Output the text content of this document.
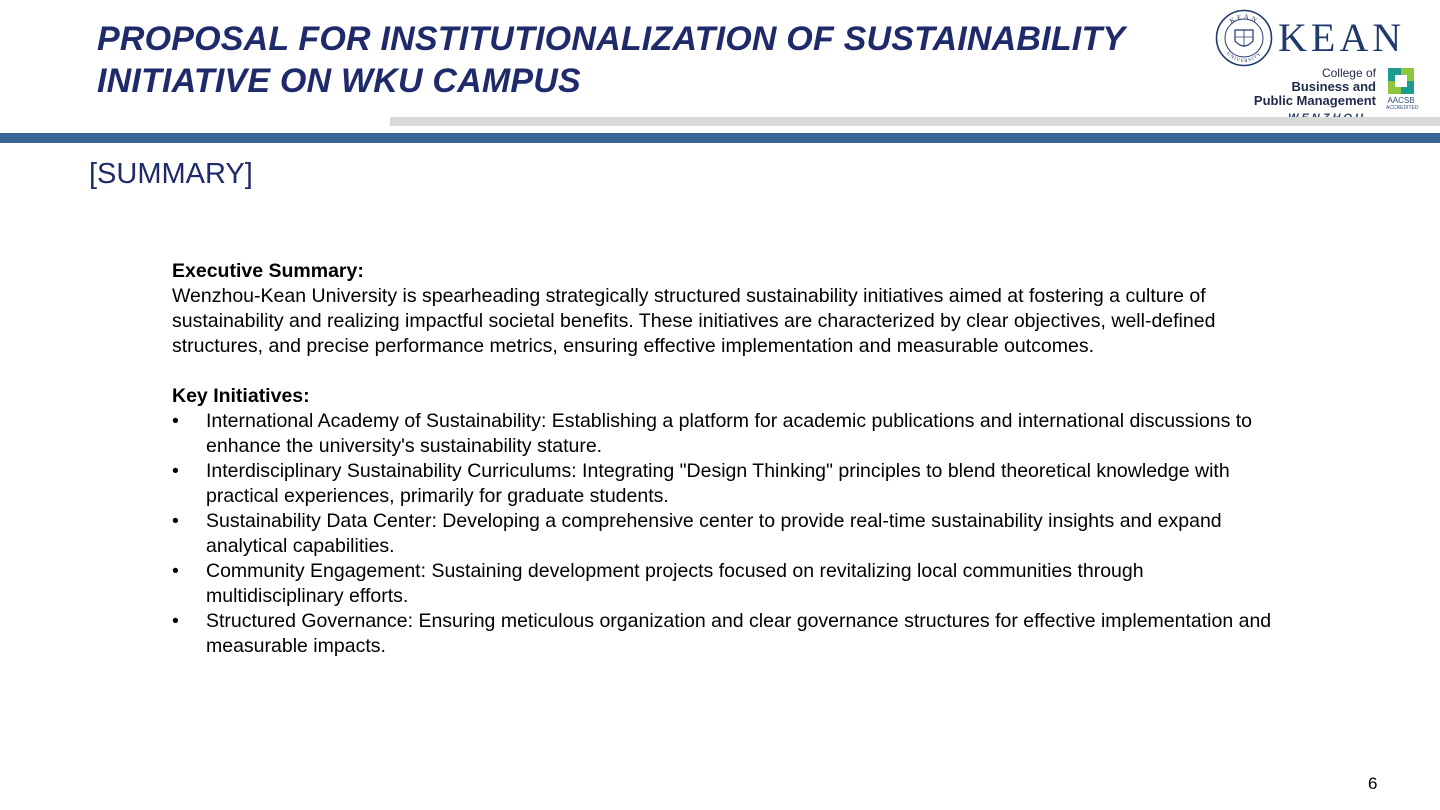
PROPOSAL FOR INSTITUTIONALIZATION OF SUSTAINABILITY
INITIATIVE ON WKU CAMPUS
KEAN
UNIVERSITY KEAN
College of
Business and
Public Management AACSB
ACCREDITED
[SUMMARY]
Executive Summary:

Wenzhou-Kean University is spearheading strategically structured sustainability initiatives aimed at fostering a culture of sustainability and realizing impactful societal benefits. These initiatives are characterized by clear objectives, well-defined structures, and precise performance metrics, ensuring effective implementation and measurable outcomes.

Key Initiatives:
• International Academy of Sustainability: Establishing a platform for academic publications and international discussions to enhance the university's sustainability stature.
• Interdisciplinary Sustainability Curriculums: Integrating "Design Thinking" principles to blend theoretical knowledge with practical experiences, primarily for graduate students.
• Sustainability Data Center: Developing a comprehensive center to provide real-time sustainability insights and expand analytical capabilities.
• Community Engagement: Sustaining development projects focused on revitalizing local communities through multidisciplinary efforts.
• Structured Governance: Ensuring meticulous organization and clear governance structures for effective implementation and measurable impacts.
6
